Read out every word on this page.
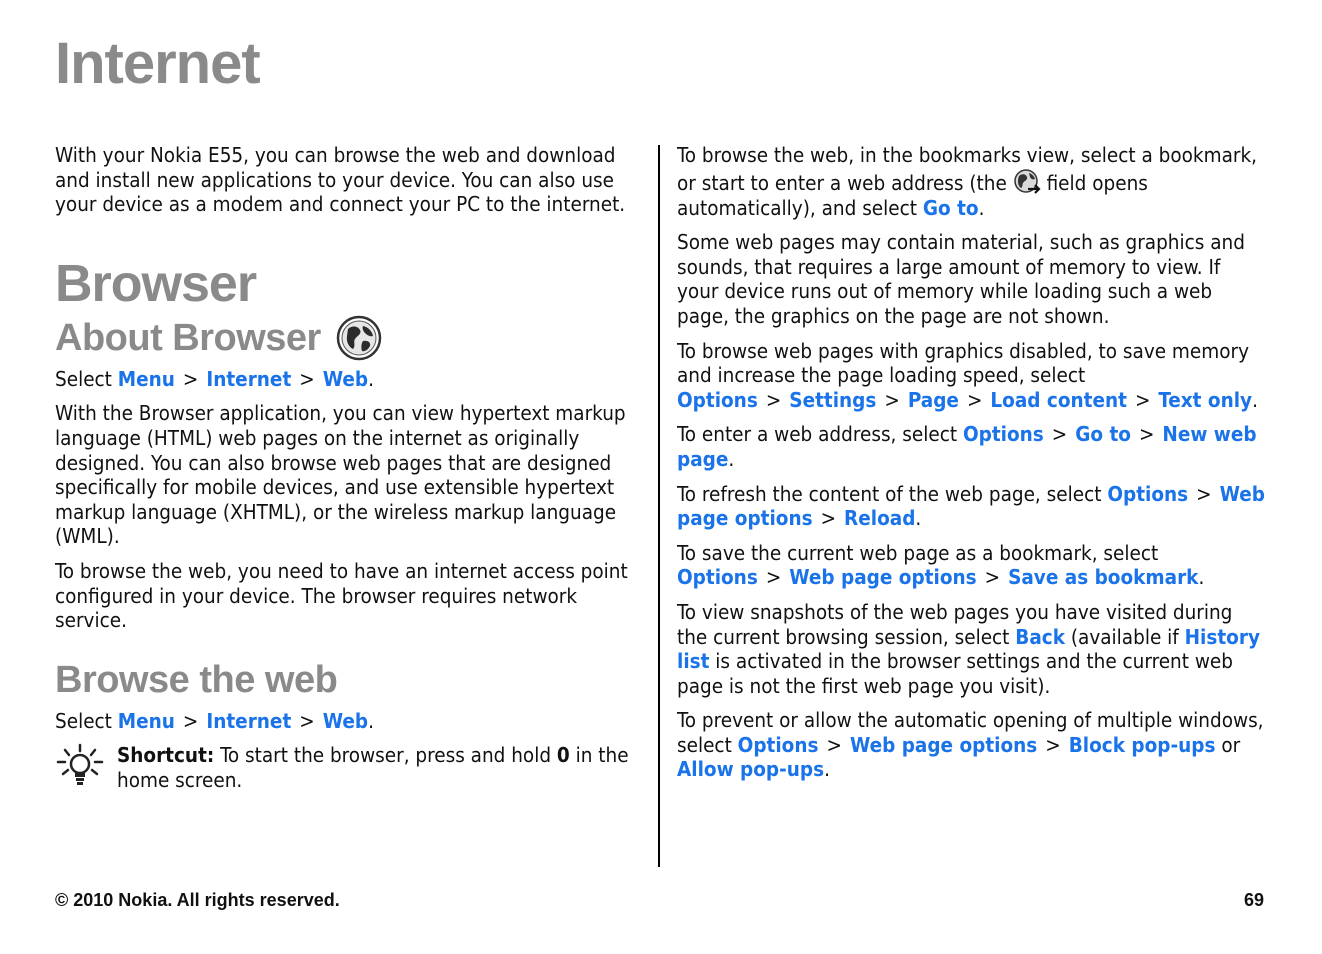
Internet

With your Nokia E55, you can browse the web and download and install new applications to your device. You can also use your device as a modem and connect your PC to the internet.

Browser
About Browser

Select Menu > Internet > Web.

With the Browser application, you can view hypertext markup language (HTML) web pages on the internet as originally designed. You can also browse web pages that are designed specifically for mobile devices, and use extensible hypertext markup language (XHTML), or the wireless markup language (WML).

To browse the web, you need to have an internet access point configured in your device. The browser requires network service.

Browse the web

Select Menu > Internet > Web.

Shortcut: To start the browser, press and hold 0 in the home screen.

To browse the web, in the bookmarks view, select a bookmark, or start to enter a web address (the field opens automatically), and select Go to.

Some web pages may contain material, such as graphics and sounds, that requires a large amount of memory to view. If your device runs out of memory while loading such a web page, the graphics on the page are not shown.

To browse web pages with graphics disabled, to save memory and increase the page loading speed, select Options > Settings > Page > Load content > Text only.

To enter a web address, select Options > Go to > New web page.

To refresh the content of the web page, select Options > Web page options > Reload.

To save the current web page as a bookmark, select Options > Web page options > Save as bookmark.

To view snapshots of the web pages you have visited during the current browsing session, select Back (available if History list is activated in the browser settings and the current web page is not the first web page you visit).

To prevent or allow the automatic opening of multiple windows, select Options > Web page options > Block pop-ups or Allow pop-ups.

© 2010 Nokia. All rights reserved.	69
